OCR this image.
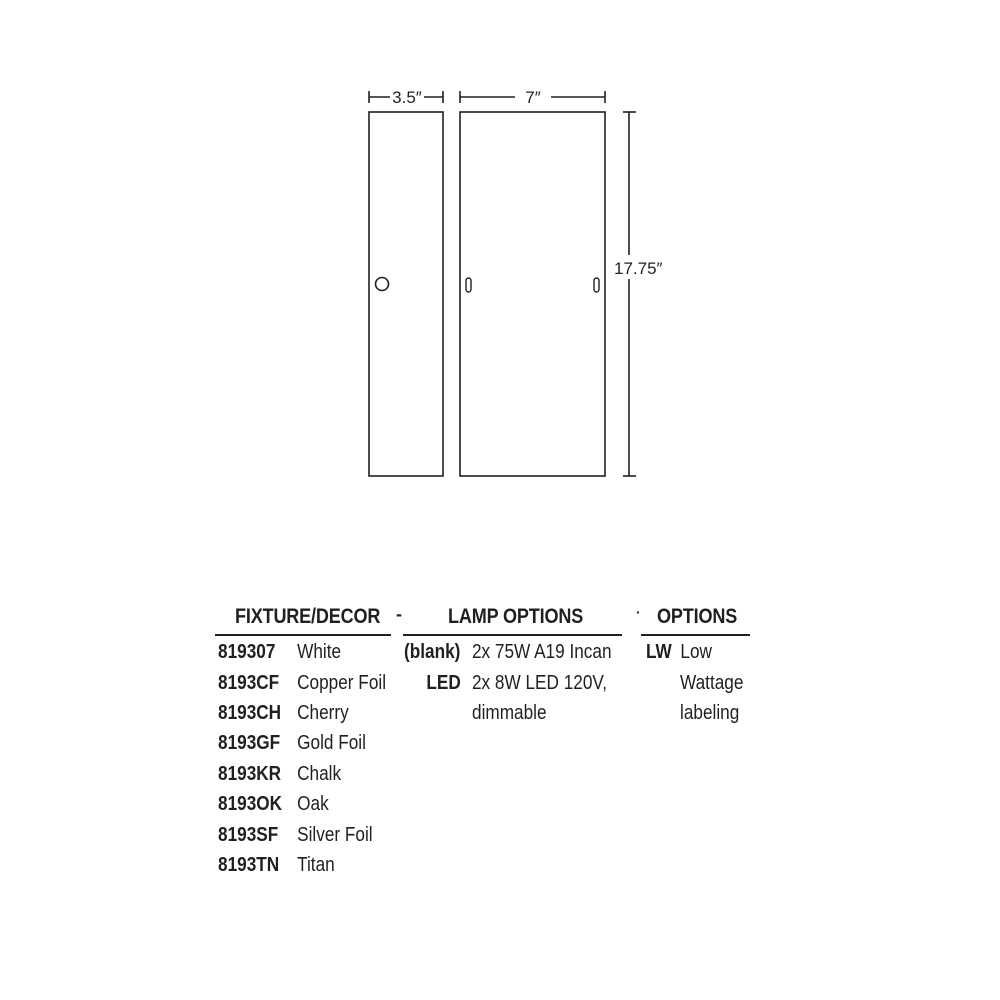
3.5″	7″
17.75″
FIXTURE/DECOR - LAMP OPTIONS	· OPTIONS
819307 White
8193CF Copper Foil
8193CH Cherry
8193GF Gold Foil
8193KR Chalk
8193OK Oak
8193SF Silver Foil
8193TN Titan
(blank) 2x 75W A19 Incan
LED 2x 8W LED 120V,
dimmable
LW Low
Wattage
labeling
